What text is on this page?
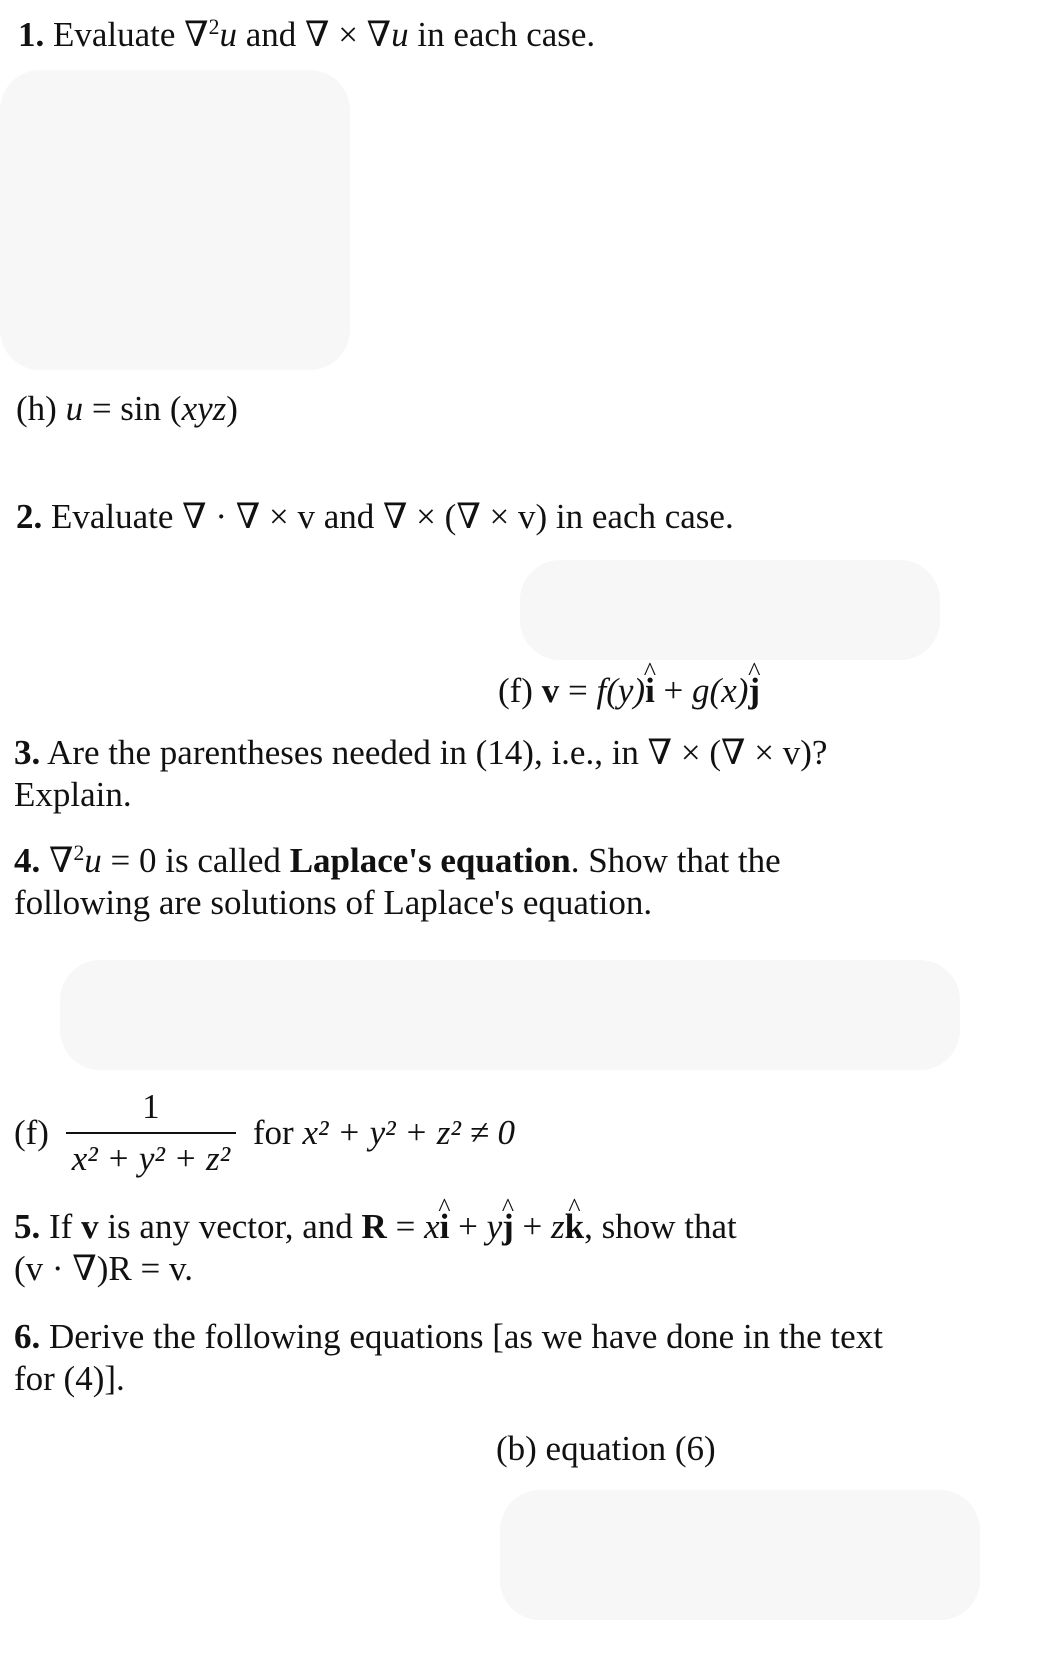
1. Evaluate ∇$^2$u and ∇ × ∇u in each case.
(h) u = sin (xyz)
2. Evaluate ∇ · ∇ × v and ∇ × (∇ × v) in each case.
(f) v = f(y)^ i + g(x)^ j
3. Are the parentheses needed in (14), i.e., in ∇ × (∇ × v)?
Explain.
4. ∇$^2$u = 0 is called Laplace's equation. Show that the
following are solutions of Laplace's equation.
$(f) \frac{1}{\text{x² + y² + z²}}$ for x² + y² + z² ≠ 0
5. If v is any vector, and R = x^ i + y^ j + z^ k, show that
(v · ∇)R = v.
6. Derive the following equations [as we have done in the text
for (4)].
(b) equation (6)
